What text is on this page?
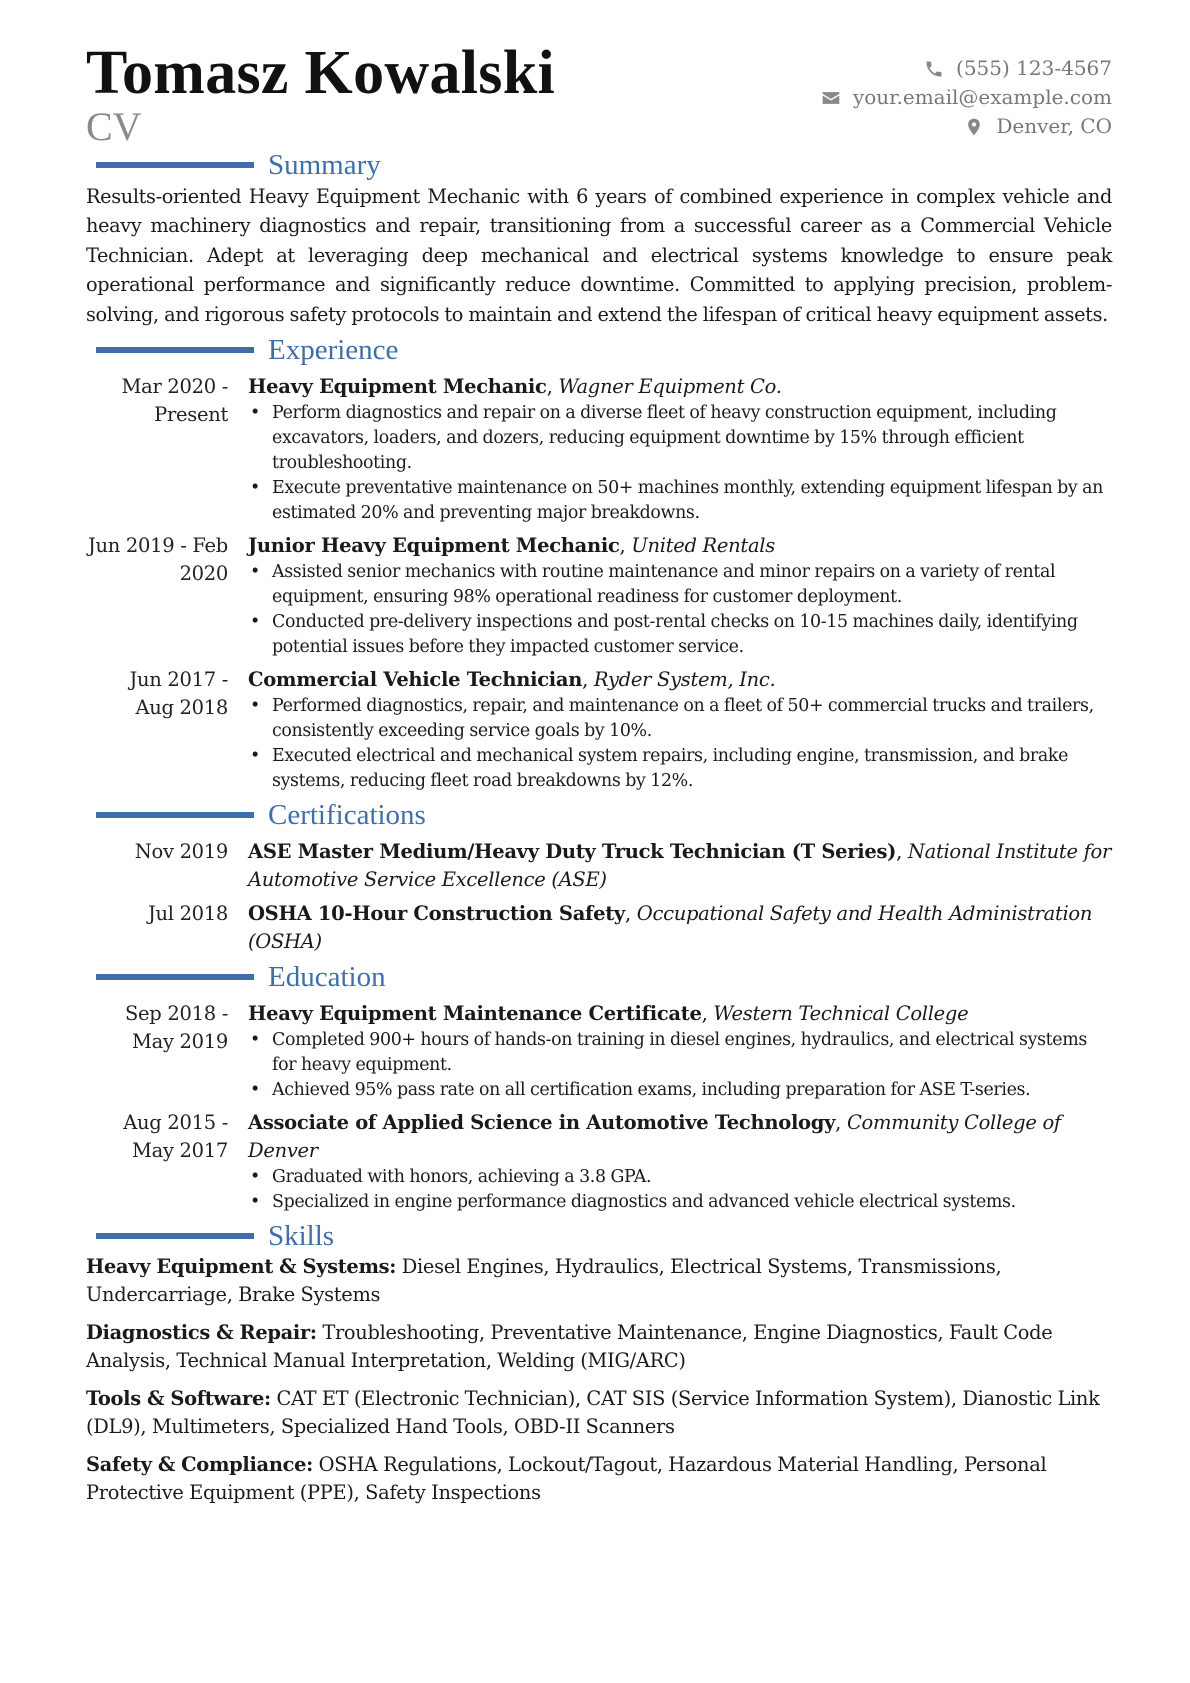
Tomasz Kowalski
CV
(555) 123-4567
your.email@example.com
Denver, CO
Summary

Results-oriented Heavy Equipment Mechanic with 6 years of combined experience in complex vehicle and heavy machinery diagnostics and repair, transitioning from a successful career as a Commercial Vehicle Technician. Adept at leveraging deep mechanical and electrical systems knowledge to ensure peak operational performance and significantly reduce downtime. Committed to applying precision, problem-solving, and rigorous safety protocols to maintain and extend the lifespan of critical heavy equipment assets.

Experience
Mar 2020 - Present
Heavy Equipment Mechanic, Wagner Equipment Co.
• Perform diagnostics and repair on a diverse fleet of heavy construction equipment, including excavators, loaders, and dozers, reducing equipment downtime by 15% through efficient troubleshooting.
• Execute preventative maintenance on 50+ machines monthly, extending equipment lifespan by an estimated 20% and preventing major breakdowns.
Jun 2019 - Feb 2020
Junior Heavy Equipment Mechanic, United Rentals
• Assisted senior mechanics with routine maintenance and minor repairs on a variety of rental equipment, ensuring 98% operational readiness for customer deployment.
• Conducted pre-delivery inspections and post-rental checks on 10-15 machines daily, identifying potential issues before they impacted customer service.
Jun 2017 - Aug 2018
Commercial Vehicle Technician, Ryder System, Inc.
• Performed diagnostics, repair, and maintenance on a fleet of 50+ commercial trucks and trailers, consistently exceeding service goals by 10%.
• Executed electrical and mechanical system repairs, including engine, transmission, and brake systems, reducing fleet road breakdowns by 12%.
Certifications
Nov 2019	ASE Master Medium/Heavy Duty Truck Technician (T Series), National Institute for Automotive Service Excellence (ASE)
Jul 2018	OSHA 10-Hour Construction Safety, Occupational Safety and Health Administration (OSHA)
Education
Sep 2018 - May 2019
Heavy Equipment Maintenance Certificate, Western Technical College
• Completed 900+ hours of hands-on training in diesel engines, hydraulics, and electrical systems for heavy equipment.
• Achieved 95% pass rate on all certification exams, including preparation for ASE T-series.
Aug 2015 - May 2017
Associate of Applied Science in Automotive Technology, Community College of Denver
• Graduated with honors, achieving a 3.8 GPA.
• Specialized in engine performance diagnostics and advanced vehicle electrical systems.
Skills

Heavy Equipment & Systems: Diesel Engines, Hydraulics, Electrical Systems, Transmissions, Undercarriage, Brake Systems

Diagnostics & Repair: Troubleshooting, Preventative Maintenance, Engine Diagnostics, Fault Code Analysis, Technical Manual Interpretation, Welding (MIG/ARC)

Tools & Software: CAT ET (Electronic Technician), CAT SIS (Service Information System), Dianostic Link (DL9), Multimeters, Specialized Hand Tools, OBD-II Scanners

Safety & Compliance: OSHA Regulations, Lockout/Tagout, Hazardous Material Handling, Personal Protective Equipment (PPE), Safety Inspections
